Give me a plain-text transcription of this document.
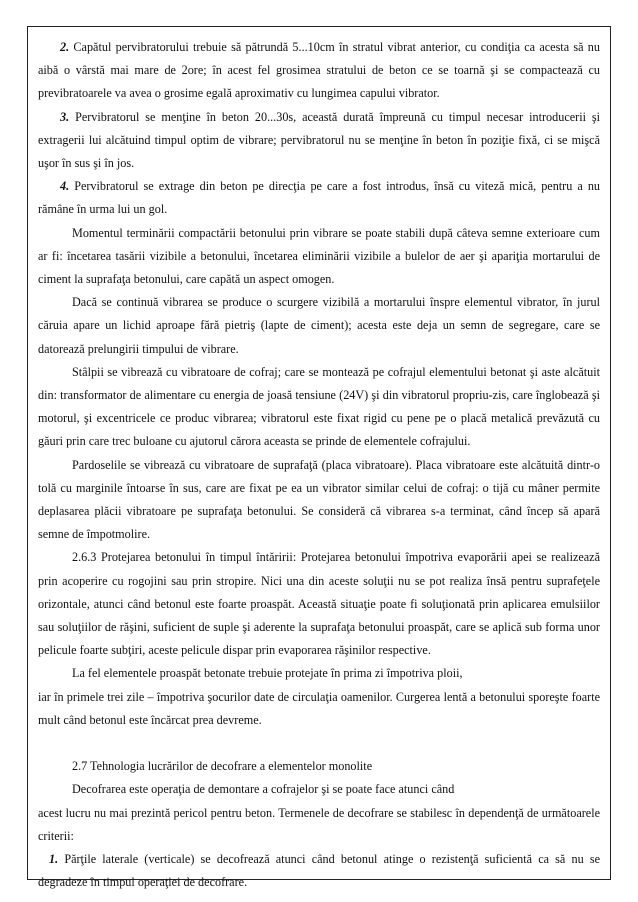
2. Capătul pervibratorului trebuie să pătrundă 5...10cm în stratul vibrat anterior, cu condiţia ca acesta să nu aibă o vârstă mai mare de 2ore; în acest fel grosimea stratului de beton ce se toarnă şi se compactează cu previbratoarele va avea o grosime egală aproximativ cu lungimea capului vibrator.

3. Pervibratorul se menţine în beton 20...30s, această durată împreună cu timpul necesar introducerii şi extragerii lui alcătuind timpul optim de vibrare; pervibratorul nu se menţine în beton în poziţie fixă, ci se mişcă uşor în sus şi în jos.

4. Pervibratorul se extrage din beton pe direcţia pe care a fost introdus, însă cu viteză mică, pentru a nu rămâne în urma lui un gol.

Momentul terminării compactării betonului prin vibrare se poate stabili după câteva semne exterioare cum ar fi: încetarea tasării vizibile a betonului, încetarea eliminării vizibile a bulelor de aer şi apariţia mortarului de ciment la suprafaţa betonului, care capătă un aspect omogen.

Dacă se continuă vibrarea se produce o scurgere vizibilă a mortarului înspre elementul vibrator, în jurul căruia apare un lichid aproape fără pietriş (lapte de ciment); acesta este deja un semn de segregare, care se datorează prelungirii timpului de vibrare.

Stâlpii se vibrează cu vibratoare de cofraj; care se montează pe cofrajul elementului betonat şi aste alcătuit din: transformator de alimentare cu energia de joasă tensiune (24V) şi din vibratorul propriu-zis, care înglobează şi motorul, şi excentricele ce produc vibrarea; vibratorul este fixat rigid cu pene pe o placă metalică prevăzută cu găuri prin care trec buloane cu ajutorul cărora aceasta se prinde de elementele cofrajului.

Pardoselile se vibrează cu vibratoare de suprafaţă (placa vibratoare). Placa vibratoare este alcătuită dintr-o tolă cu marginile întoarse în sus, care are fixat pe ea un vibrator similar celui de cofraj: o tijă cu mâner permite deplasarea plăcii vibratoare pe suprafaţa betonului. Se consideră că vibrarea s-a terminat, când încep să apară semne de împotmolire.

2.6.3 Protejarea betonului în timpul întăririi: Protejarea betonului împotriva evaporării apei se realizează prin acoperire cu rogojini sau prin stropire. Nici una din aceste soluţii nu se pot realiza însă pentru suprafeţele orizontale, atunci când betonul este foarte proaspăt. Această situaţie poate fi soluţionată prin aplicarea emulsiilor sau soluţiilor de răşini, suficient de suple şi aderente la suprafaţa betonului proaspăt, care se aplică sub forma unor pelicule foarte subţiri, aceste pelicule dispar prin evaporarea răşinilor respective.

La fel elementele proaspăt betonate trebuie protejate în prima zi împotriva ploii,

iar în primele trei zile – împotriva şocurilor date de circulaţia oamenilor. Curgerea lentă a betonului sporeşte foarte mult când betonul este încărcat prea devreme.

2.7 Tehnologia lucrărilor de decofrare a elementelor monolite

Decofrarea este operaţia de demontare a cofrajelor şi se poate face atunci când

acest lucru nu mai prezintă pericol pentru beton. Termenele de decofrare se stabilesc în dependenţă de următoarele criterii:

1. Părţile laterale (verticale) se decofrează atunci când betonul atinge o rezistenţă suficientă ca să nu se degradeze în timpul operaţiei de decofrare.
